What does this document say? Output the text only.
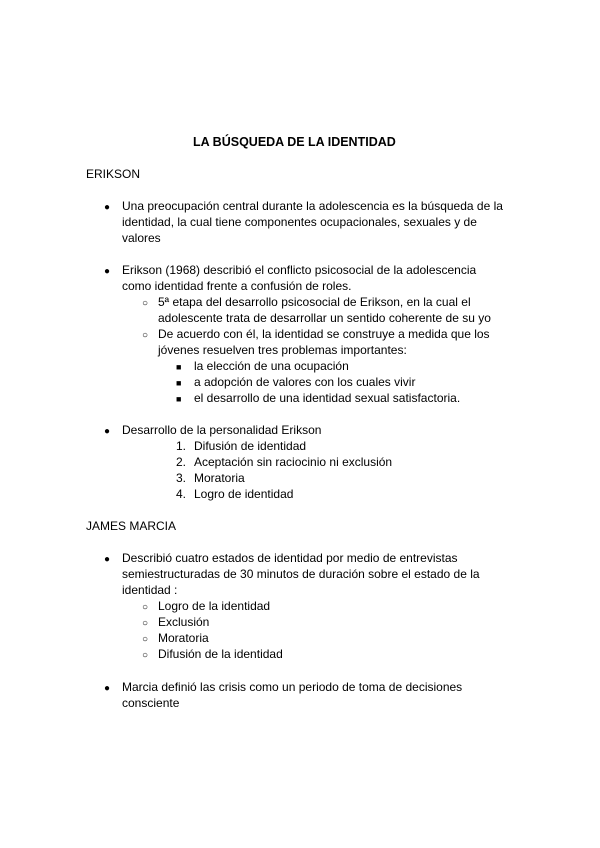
LA BÚSQUEDA DE LA IDENTIDAD
ERIKSON
● Una preocupación central durante la adolescencia es la búsqueda de la
identidad, la cual tiene componentes ocupacionales, sexuales y de
valores
● Erikson (1968) describió el conflicto psicosocial de la adolescencia
como identidad frente a confusión de roles.
○ 5ª etapa del desarrollo psicosocial de Erikson, en la cual el
adolescente trata de desarrollar un sentido coherente de su yo
○ De acuerdo con él, la identidad se construye a medida que los
jóvenes resuelven tres problemas importantes:
■ la elección de una ocupación
■ a adopción de valores con los cuales vivir
■ el desarrollo de una identidad sexual satisfactoria.
● Desarrollo de la personalidad Erikson
1. Difusión de identidad
2. Aceptación sin raciocinio ni exclusión
3. Moratoria
4. Logro de identidad
JAMES MARCIA
● Describió cuatro estados de identidad por medio de entrevistas
semiestructuradas de 30 minutos de duración sobre el estado de la
identidad :
○ Logro de la identidad
○ Exclusión
○ Moratoria
○ Difusión de la identidad
● Marcia definió las crisis como un periodo de toma de decisiones
consciente
